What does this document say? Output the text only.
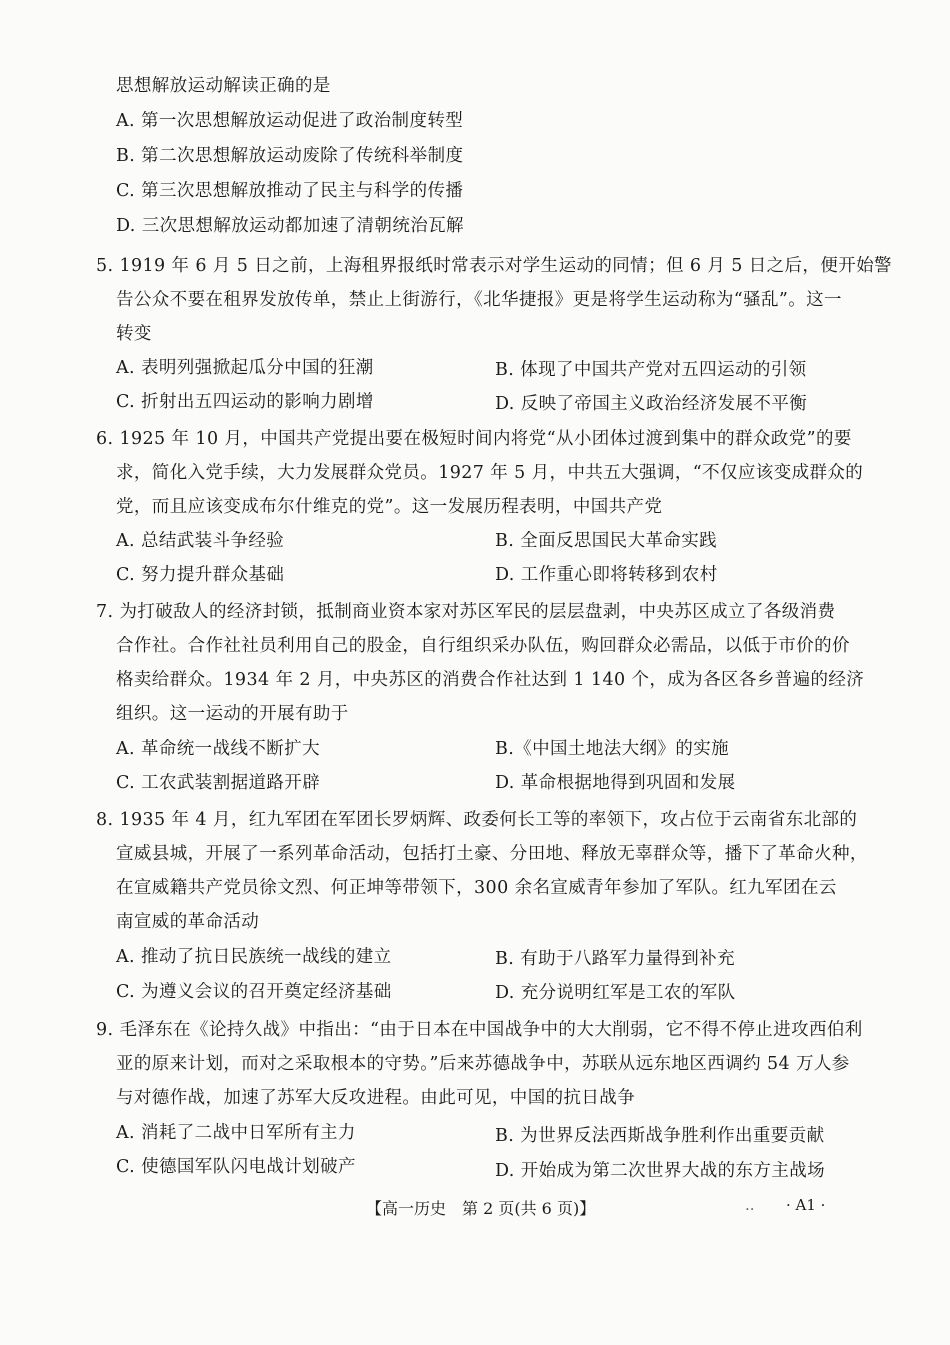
思想解放运动解读正确的是
A. 第一次思想解放运动促进了政治制度转型
B. 第二次思想解放运动废除了传统科举制度
C. 第三次思想解放推动了民主与科学的传播
D. 三次思想解放运动都加速了清朝统治瓦解
5. 1919 年 6 月 5 日之前，上海租界报纸时常表示对学生运动的同情；但 6 月 5 日之后，便开始警
告公众不要在租界发放传单，禁止上街游行，《北华捷报》更是将学生运动称为“骚乱”。这一
转变
A. 表明列强掀起瓜分中国的狂潮	B. 体现了中国共产党对五四运动的引领
C. 折射出五四运动的影响力剧增	D. 反映了帝国主义政治经济发展不平衡
6. 1925 年 10 月，中国共产党提出要在极短时间内将党“从小团体过渡到集中的群众政党”的要
求，简化入党手续，大力发展群众党员。1927 年 5 月，中共五大强调，“不仅应该变成群众的
党，而且应该变成布尔什维克的党”。这一发展历程表明，中国共产党
A. 总结武装斗争经验	B. 全面反思国民大革命实践
C. 努力提升群众基础	D. 工作重心即将转移到农村
7. 为打破敌人的经济封锁，抵制商业资本家对苏区军民的层层盘剥，中央苏区成立了各级消费
合作社。合作社社员利用自己的股金，自行组织采办队伍，购回群众必需品，以低于市价的价
格卖给群众。1934 年 2 月，中央苏区的消费合作社达到 1 140 个，成为各区各乡普遍的经济
组织。这一运动的开展有助于
A. 革命统一战线不断扩大	B.《中国土地法大纲》的实施
C. 工农武装割据道路开辟	D. 革命根据地得到巩固和发展
8. 1935 年 4 月，红九军团在军团长罗炳辉、政委何长工等的率领下，攻占位于云南省东北部的
宣威县城，开展了一系列革命活动，包括打土豪、分田地、释放无辜群众等，播下了革命火种，
在宣威籍共产党员徐文烈、何正坤等带领下，300 余名宣威青年参加了军队。红九军团在云
南宣威的革命活动
A. 推动了抗日民族统一战线的建立	B. 有助于八路军力量得到补充
C. 为遵义会议的召开奠定经济基础	D. 充分说明红军是工农的军队
9. 毛泽东在《论持久战》中指出：“由于日本在中国战争中的大大削弱，它不得不停止进攻西伯利
亚的原来计划，而对之采取根本的守势。”后来苏德战争中，苏联从远东地区西调约 54 万人参
与对德作战，加速了苏军大反攻进程。由此可见，中国的抗日战争
A. 消耗了二战中日军所有主力	B. 为世界反法西斯战争胜利作出重要贡献
C. 使德国军队闪电战计划破产	D. 开始成为第二次世界大战的东方主战场
【高一历史　第 2 页(共 6 页)】	.. · A1 ·
